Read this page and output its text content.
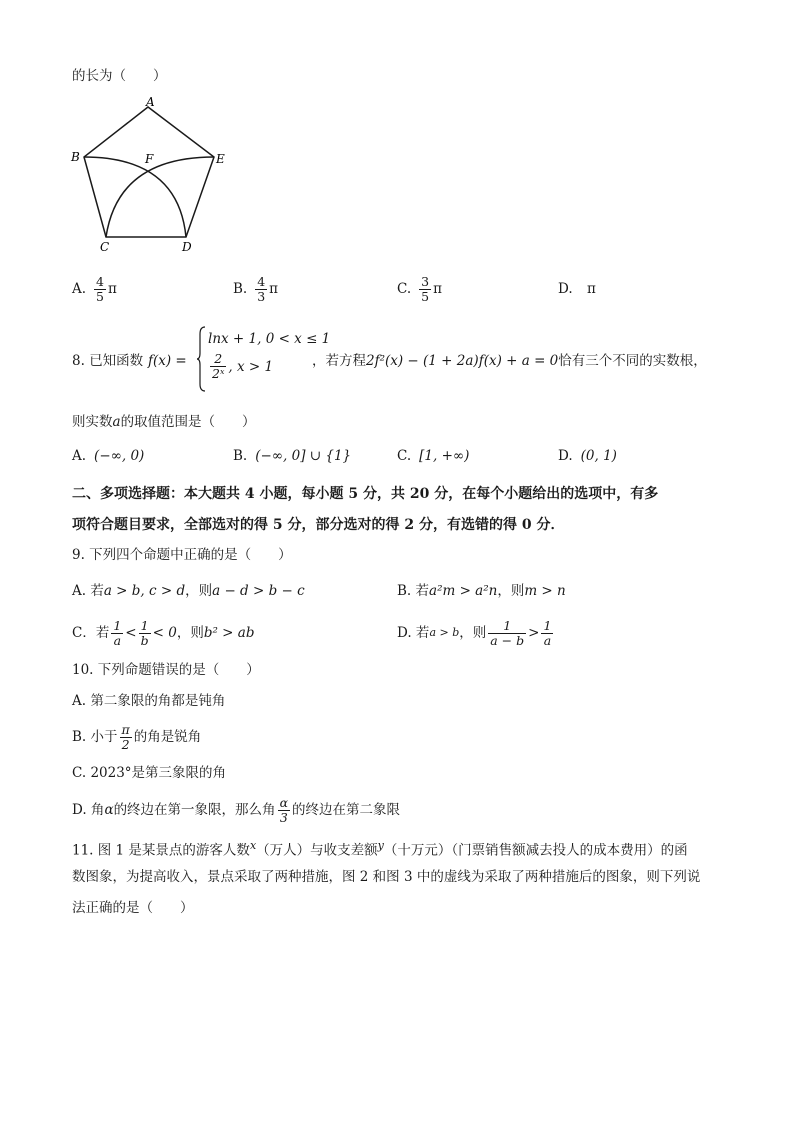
的长为（　　）
A
B	F	E
C	D
A. $\frac{4}{5}$ π	B. $\frac{4}{3}$ π	C. $\frac{3}{5}$ π	D. π
8. 已知函数 f(x) =
lnx + 1, 0 < x ≤ 1
$\frac{2}{\text{2ˣ}}$ , x > 1	，若方程2f²(x) − (1 + 2a)f(x) + a = 0恰有三个不同的实数根，
则实数a的取值范围是（　　）
A. (−∞, 0)	B. (−∞, 0] ∪ {1}	C. [1, +∞)	D. (0, 1)
二、多项选择题：本大题共 4 小题，每小题 5 分，共 20 分，在每个小题给出的选项中，有多
项符合题目要求，全部选对的得 5 分，部分选对的得 2 分，有选错的得 0 分．
9. 下列四个命题中正确的是（　　）
A. 若a > b, c > d，则a − d > b − c	B. 若a²m > a²n，则m > n
C．若 $\frac{1}{a} < \frac{1}{b} < 0$ ，则 b² > ab	D. 若 a > b ，则 $\frac{1}{a - b} > \frac{1}{a}$
10. 下列命题错误的是（　　）
A. 第二象限的角都是钝角
B. 小于 $\frac{\pi}{2}$ 的角是锐角
C. 2023°是第三象限的角
D. 角 α 的终边在第一象限，那么角 $\frac{\alpha}{3}$ 的终边在第二象限
11. 图 1 是某景点的游客人数$^x$（万人）与收支差额$^y$（十万元）（门票销售额减去投人的成本费用）的函
数图象，为提高收入，景点采取了两种措施，图 2 和图 3 中的虚线为采取了两种措施后的图象，则下列说
法正确的是（　　）
